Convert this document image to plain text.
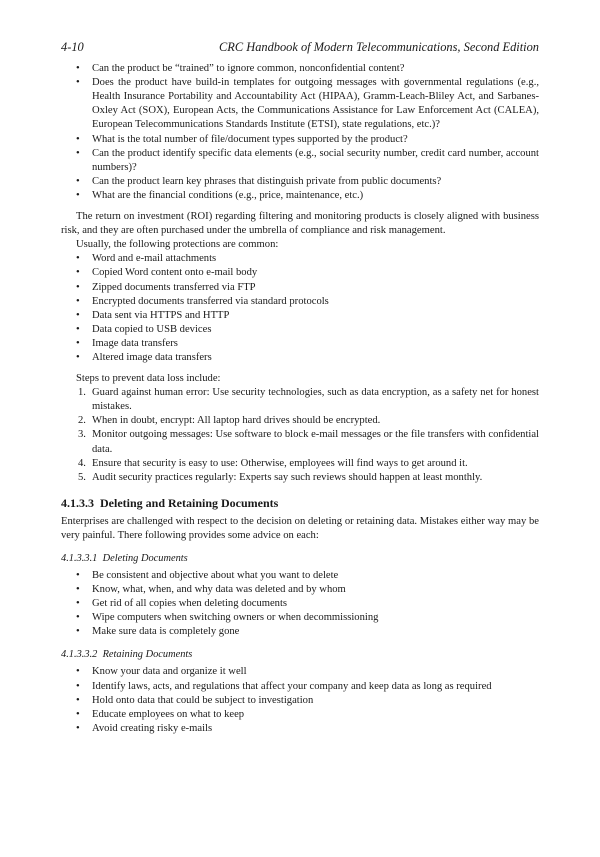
4-10	CRC Handbook of Modern Telecommunications, Second Edition
• Can the product be “trained” to ignore common, nonconfidential content?
• Does the product have build-in templates for outgoing messages with governmental regulations (e.g., Health Insurance Portability and Accountability Act (HIPAA), Gramm-Leach-Bliley Act, and Sarbanes-Oxley Act (SOX), European Acts, the Communications Assistance for Law Enforcement Act (CALEA), European Telecommunications Standards Institute (ETSI), state regulations, etc.)?
• What is the total number of file/document types supported by the product?
• Can the product identify specific data elements (e.g., social security number, credit card number, account numbers)?
• Can the product learn key phrases that distinguish private from public documents?
• What are the financial conditions (e.g., price, maintenance, etc.)

The return on investment (ROI) regarding filtering and monitoring products is closely aligned with business risk, and they are often purchased under the umbrella of compliance and risk management.

Usually, the following protections are common:

• Word and e-mail attachments
• Copied Word content onto e-mail body
• Zipped documents transferred via FTP
• Encrypted documents transferred via standard protocols
• Data sent via HTTPS and HTTP
• Data copied to USB devices
• Image data transfers
• Altered image data transfers

Steps to prevent data loss include:

1. Guard against human error: Use security technologies, such as data encryption, as a safety net for honest mistakes.
2. When in doubt, encrypt: All laptop hard drives should be encrypted.
3. Monitor outgoing messages: Use software to block e-mail messages or the file transfers with confidential data.
4. Ensure that security is easy to use: Otherwise, employees will find ways to get around it.
5. Audit security practices regularly: Experts say such reviews should happen at least monthly.
4.1.3.3 Deleting and Retaining Documents

Enterprises are challenged with respect to the decision on deleting or retaining data. Mistakes either way may be very painful. There following provides some advice on each:

4.1.3.3.1 Deleting Documents
• Be consistent and objective about what you want to delete
• Know, what, when, and why data was deleted and by whom
• Get rid of all copies when deleting documents
• Wipe computers when switching owners or when decommissioning
• Make sure data is completely gone
4.1.3.3.2 Retaining Documents
• Know your data and organize it well
• Identify laws, acts, and regulations that affect your company and keep data as long as required
• Hold onto data that could be subject to investigation
• Educate employees on what to keep
• Avoid creating risky e-mails
